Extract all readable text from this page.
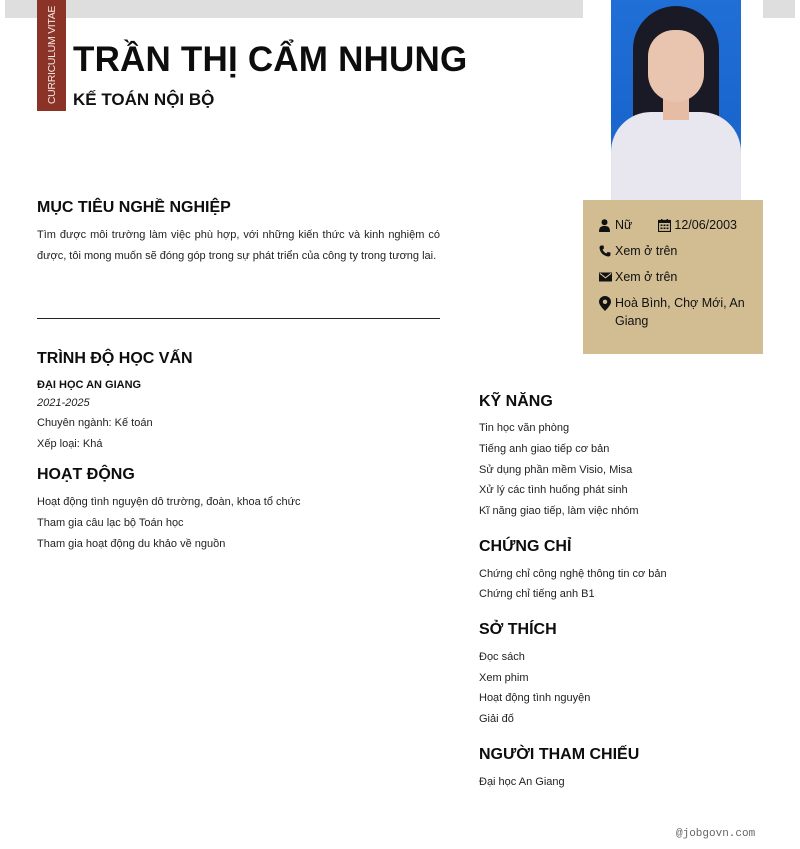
CURRICULUM VITAE TRẦN THỊ CẨM NHUNG
KẾ TOÁN NỘI BỘ
Nữ	12/06/2003
Xem ở trên
Xem ở trên
Hoà Bình, Chợ Mới, An Giang
MỤC TIÊU NGHỀ NGHIỆP
Tìm được môi trường làm việc phù hợp, với những kiến thức và kinh nghiệm có được, tôi mong muốn sẽ đóng góp trong sự phát triển của công ty trong tương lai.
TRÌNH ĐỘ HỌC VẤN
ĐẠI HỌC AN GIANG
2021-2025
Chuyên ngành: Kế toán
Xếp loại: Khá
HOẠT ĐỘNG
Hoạt động tình nguyện dô trường, đoàn, khoa tổ chức
Tham gia câu lạc bộ Toán học
Tham gia hoạt động du khảo về nguồn
KỸ NĂNG
Tin học văn phòng
Tiếng anh giao tiếp cơ bản
Sử dụng phần mềm Visio, Misa
Xử lý các tình huống phát sinh
Kĩ năng giao tiếp, làm việc nhóm
CHỨNG CHỈ
Chứng chỉ công nghệ thông tin cơ bản
Chứng chỉ tiếng anh B1
SỞ THÍCH
Đọc sách
Xem phim
Hoạt động tình nguyện
Giải đố
NGƯỜI THAM CHIẾU
Đại học An Giang
@jobgovn.com
